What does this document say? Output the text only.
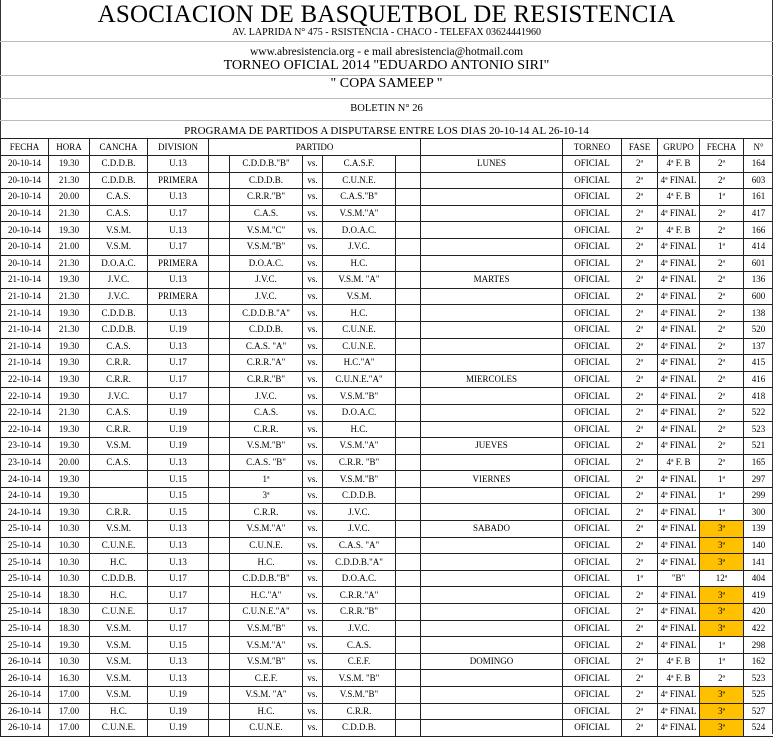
ASOCIACION DE BASQUETBOL DE RESISTENCIA
AV. LAPRIDA N° 475 - RSISTENCIA - CHACO - TELEFAX 03624441960
www.abresistencia.org - e mail abresistencia@hotmail.com
TORNEO OFICIAL 2014 "EDUARDO ANTONIO SIRI"
" COPA SAMEEP "
BOLETIN N° 26
PROGRAMA DE PARTIDOS A DISPUTARSE ENTRE LOS DIAS 20-10-14 AL 26-10-14
FECHA	HORA	CANCHA	DIVISION	PARTIDO						TORNEO	FASE	GRUPO	FECHA	N°
20-10-14	19.30	C.D.D.B.	U.13		C.D.D.B."B"	vs.	C.A.S.F.		LUNES	OFICIAL	2ª	4ª F. B	2ª	164
20-10-14	21.30	C.D.D.B.	PRIMERA		C.D.D.B.	vs.	C.U.N.E.			OFICIAL	2ª	4ª FINAL	2ª	603
20-10-14	20.00	C.A.S.	U.13		C.R.R."B"	vs.	C.A.S."B"			OFICIAL	2ª	4ª F. B	1ª	161
20-10-14	21.30	C.A.S.	U.17		C.A.S.	vs.	V.S.M."A"			OFICIAL	2ª	4ª FINAL	2ª	417
20-10-14	19.30	V.S.M.	U.13		V.S.M."C"	vs.	D.O.A.C.			OFICIAL	2ª	4ª F. B	2ª	166
20-10-14	21.00	V.S.M.	U.17		V.S.M."B"	vs.	J.V.C.			OFICIAL	2ª	4ª FINAL	1ª	414
20-10-14	21.30	D.O.A.C.	PRIMERA		D.O.A.C.	vs.	H.C.			OFICIAL	2ª	4ª FINAL	2ª	601
21-10-14	19.30	J.V.C.	U.13		J.V.C.	vs.	V.S.M. "A"		MARTES	OFICIAL	2ª	4ª FINAL	2ª	136
21-10-14	21.30	J.V.C.	PRIMERA		J.V.C.	vs.	V.S.M.			OFICIAL	2ª	4ª FINAL	2ª	600
21-10-14	19.30	C.D.D.B.	U.13		C.D.D.B."A"	vs.	H.C.			OFICIAL	2ª	4ª FINAL	2ª	138
21-10-14	21.30	C.D.D.B.	U.19		C.D.D.B.	vs.	C.U.N.E.			OFICIAL	2ª	4ª FINAL	2ª	520
21-10-14	19.30	C.A.S.	U.13		C.A.S. "A"	vs.	C.U.N.E.			OFICIAL	2ª	4ª FINAL	2ª	137
21-10-14	19.30	C.R.R.	U.17		C.R.R."A"	vs.	H.C."A"			OFICIAL	2ª	4ª FINAL	2ª	415
22-10-14	19.30	C.R.R.	U.17		C.R.R."B"	vs.	C.U.N.E."A"		MIERCOLES	OFICIAL	2ª	4ª FINAL	2ª	416
22-10-14	19.30	J.V.C.	U.17		J.V.C.	vs.	V.S.M."B"			OFICIAL	2ª	4ª FINAL	2ª	418
22-10-14	21.30	C.A.S.	U.19		C.A.S.	vs.	D.O.A.C.			OFICIAL	2ª	4ª FINAL	2ª	522
22-10-14	19.30	C.R.R.	U.19		C.R.R.	vs.	H.C.			OFICIAL	2ª	4ª FINAL	2ª	523
23-10-14	19.30	V.S.M.	U.19		V.S.M."B"	vs.	V.S.M."A"		JUEVES	OFICIAL	2ª	4ª FINAL	2ª	521
23-10-14	20.00	C.A.S.	U.13		C.A.S. "B"	vs.	C.R.R. "B"			OFICIAL	2ª	4ª F. B	2ª	165
24-10-14	19.30		U.15		1ª	vs.	V.S.M."B"		VIERNES	OFICIAL	2ª	4ª FINAL	1ª	297
24-10-14	19.30		U.15		3ª	vs.	C.D.D.B.			OFICIAL	2ª	4ª FINAL	1ª	299
24-10-14	19.30	C.R.R.	U.15		C.R.R.	vs.	J.V.C.			OFICIAL	2ª	4ª FINAL	1ª	300
25-10-14	10.30	V.S.M.	U.13		V.S.M."A"	vs.	J.V.C.		SABADO	OFICIAL	2ª	4ª FINAL	3ª	139
25-10-14	10.30	C.U.N.E.	U.13		C.U.N.E.	vs.	C.A.S. "A"			OFICIAL	2ª	4ª FINAL	3ª	140
25-10-14	10.30	H.C.	U.13		H.C.	vs.	C.D.D.B."A"			OFICIAL	2ª	4ª FINAL	3ª	141
25-10-14	10.30	C.D.D.B.	U.17		C.D.D.B."B"	vs.	D.O.A.C.			OFICIAL	1ª	"B"	12ª	404
25-10-14	18.30	H.C.	U.17		H.C."A"	vs.	C.R.R."A"			OFICIAL	2ª	4ª FINAL	3ª	419
25-10-14	18.30	C.U.N.E.	U.17		C.U.N.E."A"	vs.	C.R.R."B"			OFICIAL	2ª	4ª FINAL	3ª	420
25-10-14	18.30	V.S.M.	U.17		V.S.M."B"	vs.	J.V.C.			OFICIAL	2ª	4ª FINAL	3ª	422
25-10-14	19.30	V.S.M.	U.15		V.S.M."A"	vs.	C.A.S.			OFICIAL	2ª	4ª FINAL	1ª	298
26-10-14	10.30	V.S.M.	U.13		V.S.M."B"	vs.	C.E.F.		DOMINGO	OFICIAL	2ª	4ª F. B	1ª	162
26-10-14	16.30	V.S.M.	U.13		C.E.F.	vs.	V.S.M. "B"			OFICIAL	2ª	4ª F. B	2ª	523
26-10-14	17.00	V.S.M.	U.19		V.S.M. "A"	vs.	V.S.M."B"			OFICIAL	2ª	4ª FINAL	3ª	525
26-10-14	17.00	H.C.	U.19		H.C.	vs.	C.R.R.			OFICIAL	2ª	4ª FINAL	3ª	527
26-10-14	17.00	C.U.N.E.	U.19		C.U.N.E.	vs.	C.D.D.B.			OFICIAL	2ª	4ª FINAL	3ª	524
